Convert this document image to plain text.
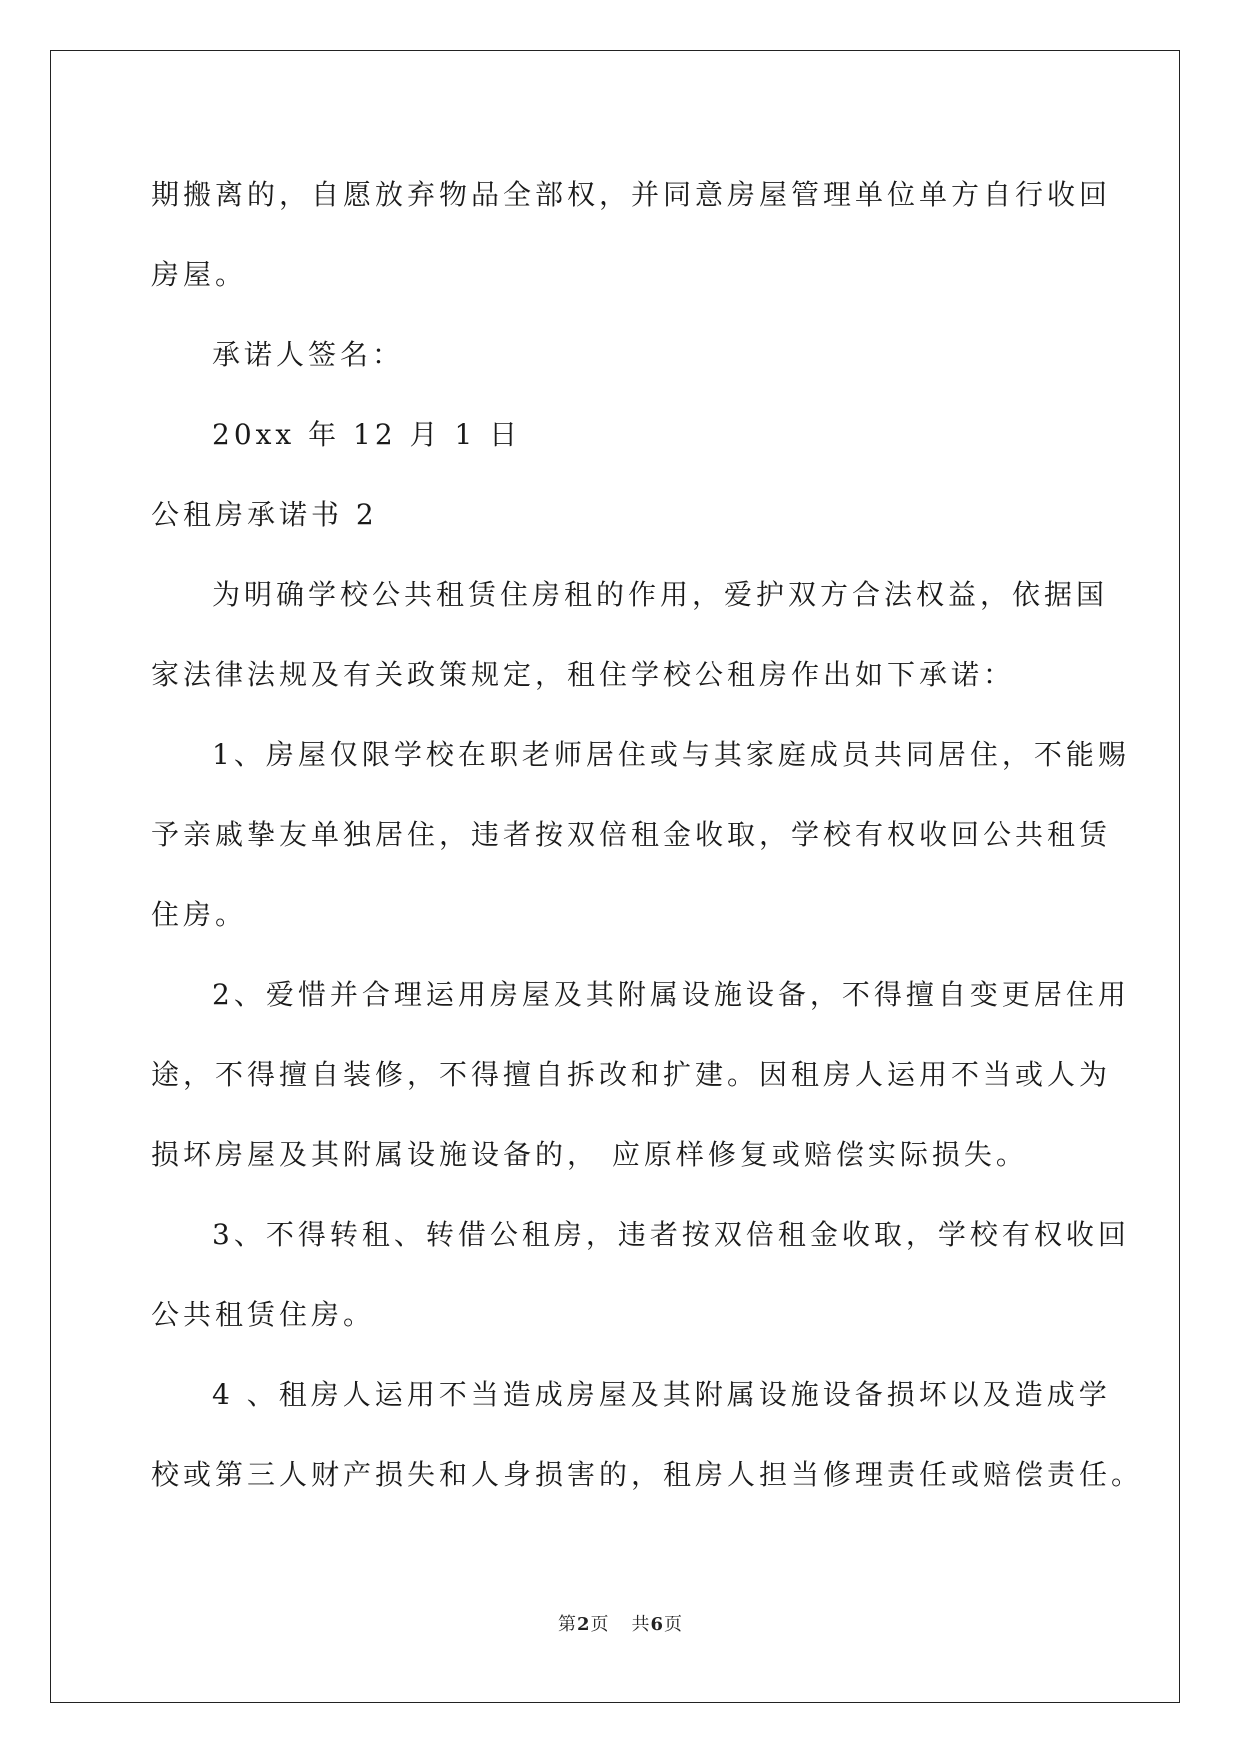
期搬离的，自愿放弃物品全部权，并同意房屋管理单位单方自行收回
房屋。
承诺人签名：
20xx 年 12 月 1 日
公租房承诺书 2
为明确学校公共租赁住房租的作用，爱护双方合法权益，依据国
家法律法规及有关政策规定，租住学校公租房作出如下承诺：
1、房屋仅限学校在职老师居住或与其家庭成员共同居住，不能赐
予亲戚挚友单独居住，违者按双倍租金收取，学校有权收回公共租赁
住房。
2、爱惜并合理运用房屋及其附属设施设备，不得擅自变更居住用
途，不得擅自装修，不得擅自拆改和扩建。因租房人运用不当或人为
损坏房屋及其附属设施设备的， 应原样修复或赔偿实际损失。
3、不得转租、转借公租房，违者按双倍租金收取，学校有权收回
公共租赁住房。
4 、租房人运用不当造成房屋及其附属设施设备损坏以及造成学
校或第三人财产损失和人身损害的，租房人担当修理责任或赔偿责任。
第2页 共6页
